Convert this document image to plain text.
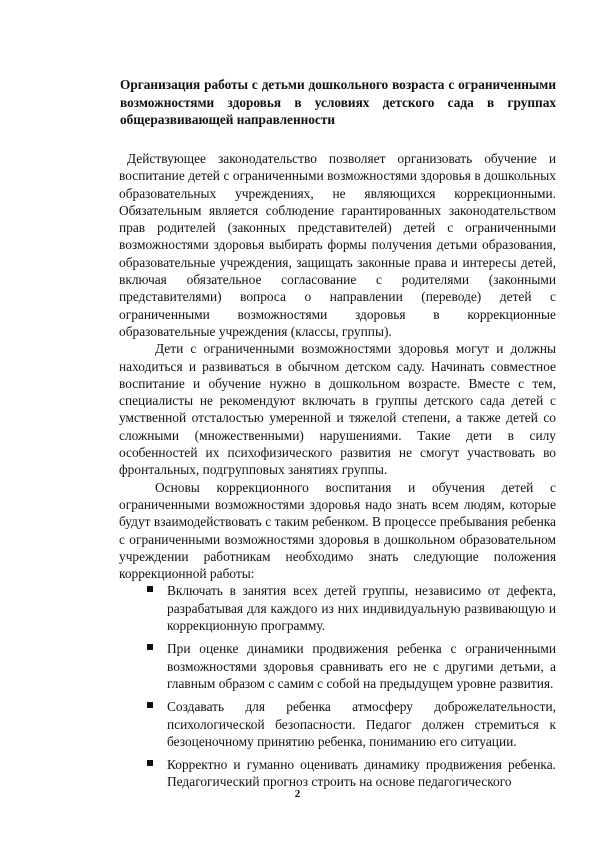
Организация работы с детьми дошкольного возраста с ограниченными возможностями здоровья в условиях детского сада в группах общеразвивающей направленности

Действующее законодательство позволяет организовать обучение и воспитание детей с ограниченными возможностями здоровья в дошкольных образовательных учреждениях, не являющихся коррекционными. Обязательным является соблюдение гарантированных законодательством прав родителей (законных представителей) детей с ограниченными возможностями здоровья выбирать формы получения детьми образования, образовательные учреждения, защищать законные права и интересы детей, включая обязательное согласование с родителями (законными представителями) вопроса о направлении (переводе) детей с ограниченными возможностями здоровья в коррекционные образовательные учреждения (классы, группы).

Дети с ограниченными возможностями здоровья могут и должны находиться и развиваться в обычном детском саду. Начинать совместное воспитание и обучение нужно в дошкольном возрасте. Вместе с тем, специалисты не рекомендуют включать в группы детского сада детей с умственной отсталостью умеренной и тяжелой степени, а также детей со сложными (множественными) нарушениями. Такие дети в силу особенностей их психофизического развития не смогут участвовать во фронтальных, подгрупповых занятиях группы.

Основы коррекционного воспитания и обучения детей с ограниченными возможностями здоровья надо знать всем людям, которые будут взаимодействовать с таким ребенком. В процессе пребывания ребенка с ограниченными возможностями здоровья в дошкольном образовательном учреждении работникам необходимо знать следующие положения коррекционной работы:

Включать в занятия всех детей группы, независимо от дефекта, разрабатывая для каждого из них индивидуальную развивающую и коррекционную программу.
При оценке динамики продвижения ребенка с ограниченными возможностями здоровья сравнивать его не с другими детьми, а главным образом с самим с собой на предыдущем уровне развития.
Создавать для ребенка атмосферу доброжелательности, психологической безопасности. Педагог должен стремиться к безоценочному принятию ребенка, пониманию его ситуации.
Корректно и гуманно оценивать динамику продвижения ребенка. Педагогический прогноз строить на основе педагогического
2
